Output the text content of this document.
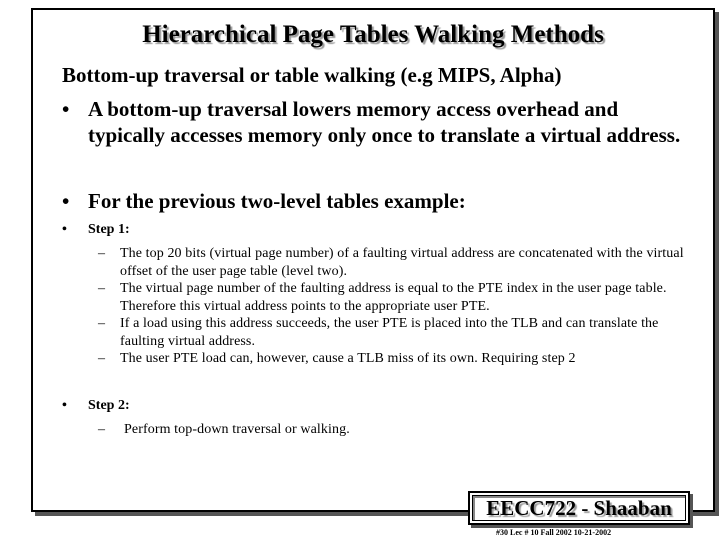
Hierarchical Page Tables Walking Methods
Bottom-up traversal or table walking (e.g MIPS, Alpha)
• A bottom-up traversal lowers memory access overhead and typically accesses memory only once to translate a virtual address.
• For the previous two-level tables example:
• Step 1:
– The top 20 bits (virtual page number) of a faulting virtual address are concatenated with the virtual offset of the user page table (level two).
– The virtual page number of the faulting address is equal to the PTE index in the user page table. Therefore this virtual address points to the appropriate user PTE.
– If a load using this address succeeds, the user PTE is placed into the TLB and can translate the faulting virtual address.
– The user PTE load can, however, cause a TLB miss of its own. Requiring step 2
• Step 2:
– Perform top-down traversal or walking.
EECC722 - Shaaban
#30 Lec # 10 Fall 2002 10-21-2002
